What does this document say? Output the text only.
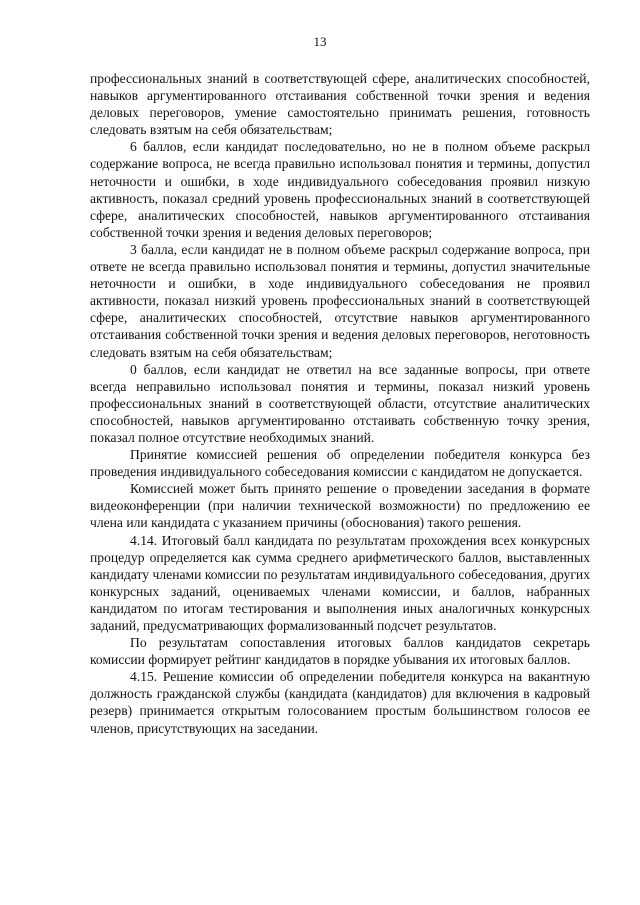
13

профессиональных знаний в соответствующей сфере, аналитических способностей, навыков аргументированного отстаивания собственной точки зрения и ведения деловых переговоров, умение самостоятельно принимать решения, готовность следовать взятым на себя обязательствам;

6 баллов, если кандидат последовательно, но не в полном объеме раскрыл содержание вопроса, не всегда правильно использовал понятия и термины, допустил неточности и ошибки, в ходе индивидуального собеседования проявил низкую активность, показал средний уровень профессиональных знаний в соответствующей сфере, аналитических способностей, навыков аргументированного отстаивания собственной точки зрения и ведения деловых переговоров;

3 балла, если кандидат не в полном объеме раскрыл содержание вопроса, при ответе не всегда правильно использовал понятия и термины, допустил значительные неточности и ошибки, в ходе индивидуального собеседования не проявил активности, показал низкий уровень профессиональных знаний в соответствующей сфере, аналитических способностей, отсутствие навыков аргументированного отстаивания собственной точки зрения и ведения деловых переговоров, неготовность следовать взятым на себя обязательствам;

0 баллов, если кандидат не ответил на все заданные вопросы, при ответе всегда неправильно использовал понятия и термины, показал низкий уровень профессиональных знаний в соответствующей области, отсутствие аналитических способностей, навыков аргументированно отстаивать собственную точку зрения, показал полное отсутствие необходимых знаний.

Принятие комиссией решения об определении победителя конкурса без проведения индивидуального собеседования комиссии с кандидатом не допускается.

Комиссией может быть принято решение о проведении заседания в формате видеоконференции (при наличии технической возможности) по предложению ее члена или кандидата с указанием причины (обоснования) такого решения.

4.14. Итоговый балл кандидата по результатам прохождения всех конкурсных процедур определяется как сумма среднего арифметического баллов, выставленных кандидату членами комиссии по результатам индивидуального собеседования, других конкурсных заданий, оцениваемых членами комиссии, и баллов, набранных кандидатом по итогам тестирования и выполнения иных аналогичных конкурсных заданий, предусматривающих формализованный подсчет результатов.

По результатам сопоставления итоговых баллов кандидатов секретарь комиссии формирует рейтинг кандидатов в порядке убывания их итоговых баллов.

4.15. Решение комиссии об определении победителя конкурса на вакантную должность гражданской службы (кандидата (кандидатов) для включения в кадровый резерв) принимается открытым голосованием простым большинством голосов ее членов, присутствующих на заседании.
